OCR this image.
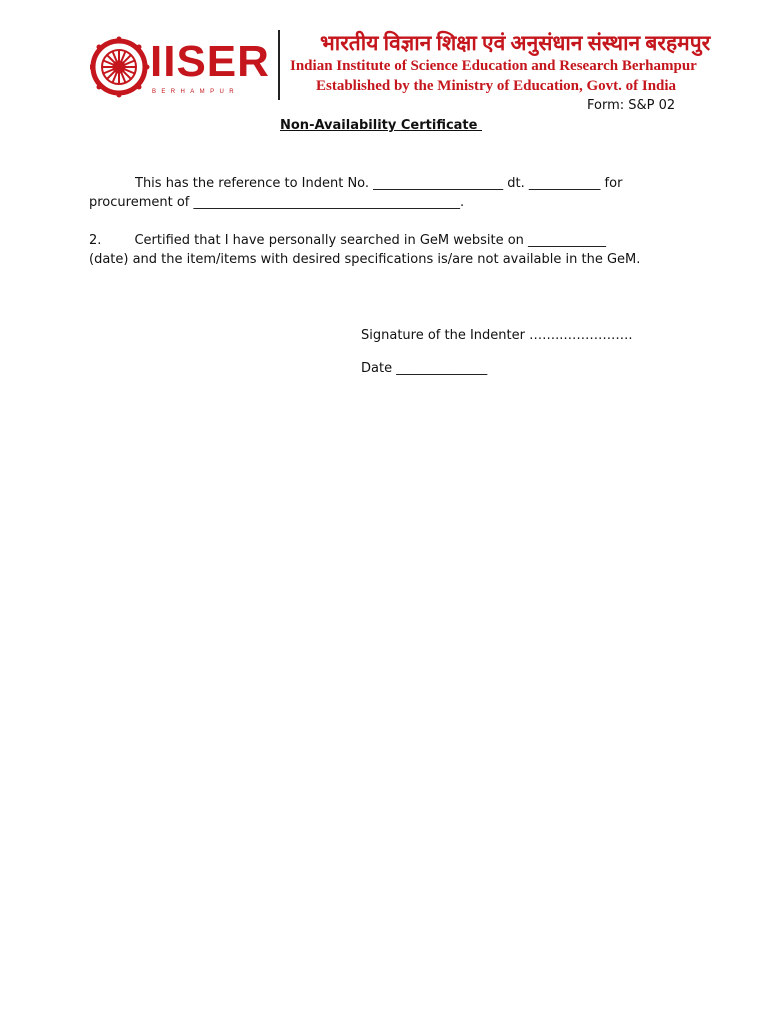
IISER
BERHAMPUR
भारतीय विज्ञान शिक्षा एवं अनुसंधान संस्थान बरहमपुर
Indian Institute of Science Education and Research Berhampur
Established by the Ministry of Education, Govt. of India
Form: S&P 02
Non-Availability Certificate
This has the reference to Indent No. ____________________ dt. ___________ for
procurement of _________________________________________.
2.        Certified that I have personally searched in GeM website on ____________
(date) and the item/items with desired specifications is/are not available in the GeM.
Signature of the Indenter ……..…………….
Date ______________
